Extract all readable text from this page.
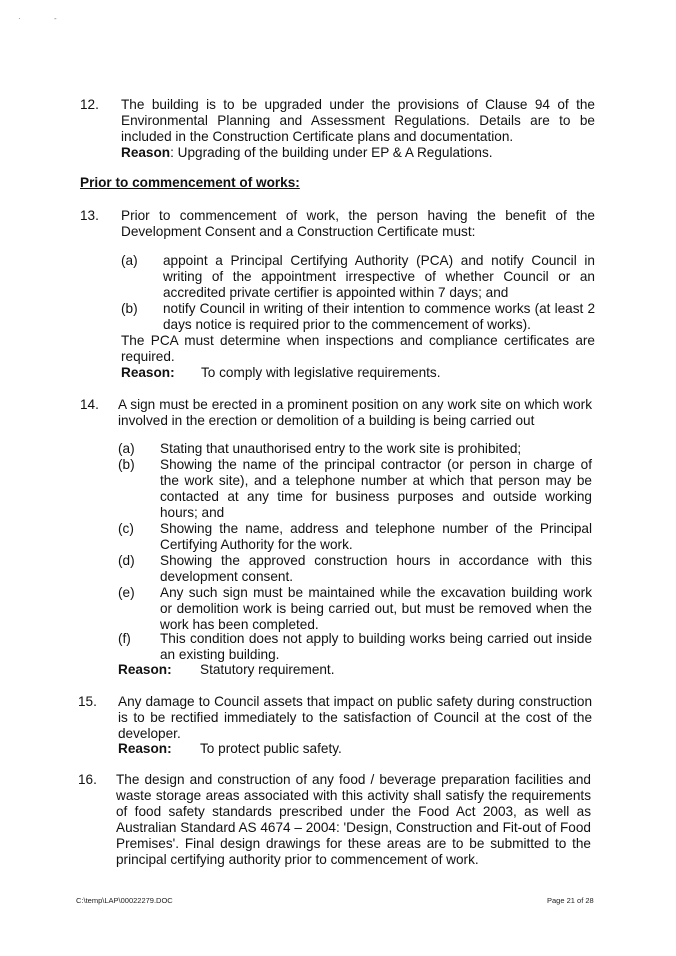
·	-
12. The building is to be upgraded under the provisions of Clause 94 of the Environmental Planning and Assessment Regulations. Details are to be included in the Construction Certificate plans and documentation.
Reason: Upgrading of the building under EP & A Regulations.
Prior to commencement of works:
13. Prior to commencement of work, the person having the benefit of the Development Consent and a Construction Certificate must:
(a) appoint a Principal Certifying Authority (PCA) and notify Council in writing of the appointment irrespective of whether Council or an accredited private certifier is appointed within 7 days; and
(b) notify Council in writing of their intention to commence works (at least 2 days notice is required prior to the commencement of works).
The PCA must determine when inspections and compliance certificates are required.
Reason: To comply with legislative requirements.
14. A sign must be erected in a prominent position on any work site on which work involved in the erection or demolition of a building is being carried out
(a) Stating that unauthorised entry to the work site is prohibited;
(b) Showing the name of the principal contractor (or person in charge of the work site), and a telephone number at which that person may be contacted at any time for business purposes and outside working hours; and
(c) Showing the name, address and telephone number of the Principal Certifying Authority for the work.
(d) Showing the approved construction hours in accordance with this development consent.
(e) Any such sign must be maintained while the excavation building work or demolition work is being carried out, but must be removed when the work has been completed.
(f) This condition does not apply to building works being carried out inside an existing building.
Reason: Statutory requirement.
15. Any damage to Council assets that impact on public safety during construction is to be rectified immediately to the satisfaction of Council at the cost of the developer.
Reason: To protect public safety.
16. The design and construction of any food / beverage preparation facilities and waste storage areas associated with this activity shall satisfy the requirements of food safety standards prescribed under the Food Act 2003, as well as Australian Standard AS 4674 – 2004: 'Design, Construction and Fit-out of Food Premises'. Final design drawings for these areas are to be submitted to the principal certifying authority prior to commencement of work.
C:\temp\LAP\00022279.DOC	Page 21 of 28
